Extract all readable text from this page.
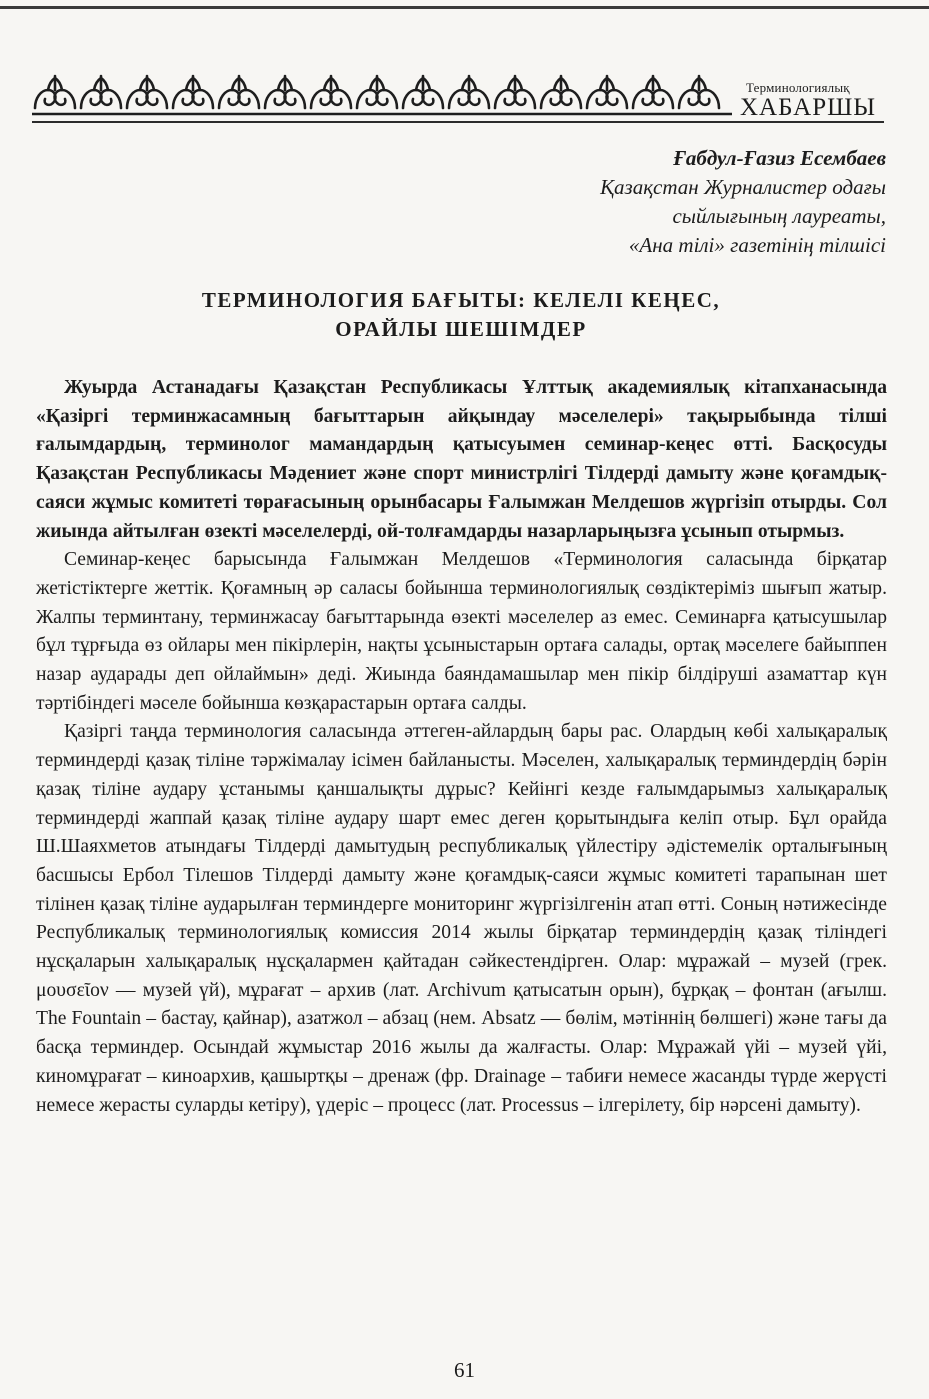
Терминологиялық
ХАБАРШЫ
Ғабдул-Ғазиз Есембаев
Қазақстан Журналистер одағы
сыйлығының лауреаты,
«Ана тілі» газетінің тілшісі
ТЕРМИНОЛОГИЯ БАҒЫТЫ: КЕЛЕЛІ КЕҢЕС,
ОРАЙЛЫ ШЕШІМДЕР

Жуырда Астанадағы Қазақстан Республикасы Ұлттық академиялық кітапханасында «Қазіргі терминжасамның бағыттарын айқындау мәселелері» тақырыбында тілші ғалымдардың, терминолог мамандардың қатысуымен семинар-кеңес өтті. Басқосуды Қазақстан Республикасы Мәдениет және спорт министрлігі Тілдерді дамыту және қоғамдық-саяси жұмыс комитеті төрағасының орынбасары Ғалымжан Мелдешов жүргізіп отырды. Сол жиында айтылған өзекті мәселелерді, ой-толғамдарды назарларыңызға ұсынып отырмыз.

Семинар-кеңес барысында Ғалымжан Мелдешов «Терминология саласында бірқатар жетістіктерге жеттік. Қоғамның әр саласы бойынша терминологиялық сөздіктеріміз шығып жатыр. Жалпы терминтану, терминжасау бағыттарында өзекті мәселелер аз емес. Семинарға қатысушылар бұл тұрғыда өз ойлары мен пікірлерін, нақты ұсыныстарын ортаға салады, ортақ мәселеге байыппен назар аударады деп ойлаймын» деді. Жиында баяндамашылар мен пікір білдіруші азаматтар күн тәртібіндегі мәселе бойынша көзқарастарын ортаға салды.

Қазіргі таңда терминология саласында әттеген-айлардың бары рас. Олардың көбі халықаралық терминдерді қазақ тіліне тәржімалау ісімен байланысты. Мәселен, халықаралық терминдердің бәрін қазақ тіліне аудару ұстанымы қаншалықты дұрыс? Кейінгі кезде ғалымдарымыз халықаралық терминдерді жаппай қазақ тіліне аудару шарт емес деген қорытындыға келіп отыр. Бұл орайда Ш.Шаяхметов атындағы Тілдерді дамытудың республикалық үйлестіру әдістемелік орталығының басшысы Ербол Тілешов Тілдерді дамыту және қоғамдық-саяси жұмыс комитеті тарапынан шет тілінен қазақ тіліне аударылған терминдерге мониторинг жүргізілгенін атап өтті. Соның нәтижесінде Республикалық терминологиялық комиссия 2014 жылы бірқатар терминдердің қазақ тіліндегі нұсқаларын халықаралық нұсқалармен қайтадан сәйкестендірген. Олар: мұражай – музей (грек. μουσεῖον — музей үй), мұрағат – архив (лат. Archivum қатысатын орын), бұрқақ – фонтан (ағылш. The Fountain – бастау, қайнар), азатжол – абзац (нем. Absatz — бөлім, мәтіннің бөлшегі) және тағы да басқа терминдер. Осындай жұмыстар 2016 жылы да жалғасты. Олар: Мұражай үйі – музей үйі, киномұрағат – киноархив, қашыртқы – дренаж (фр. Drainage – табиғи немесе жасанды түрде жерүсті немесе жерасты суларды кетіру), үдеріс – процесс (лат. Processus – ілгерілету, бір нәрсені дамыту).

61
